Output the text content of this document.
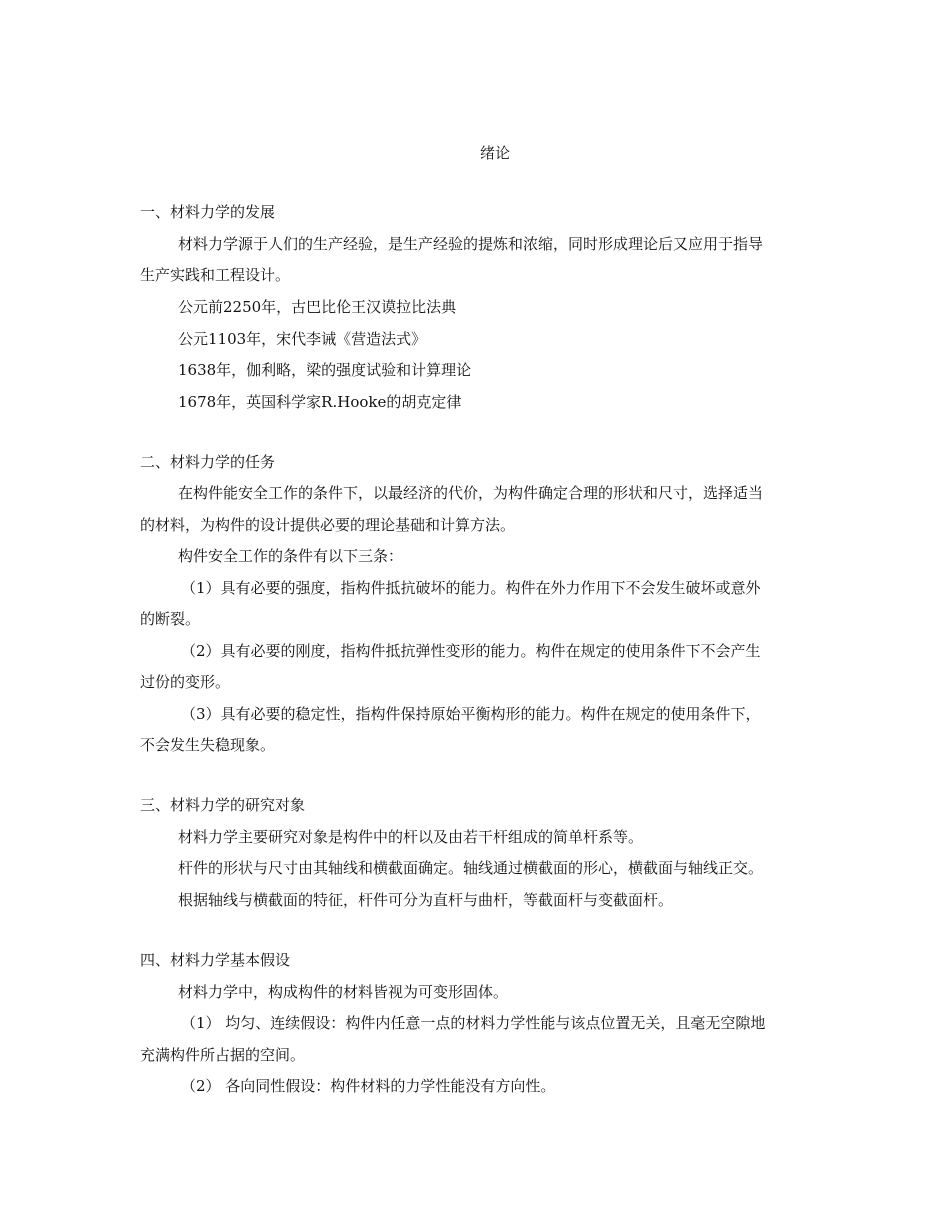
绪论
一、材料力学的发展
材料力学源于人们的生产经验，是生产经验的提炼和浓缩，同时形成理论后又应用于指导
生产实践和工程设计。
公元前2250年，古巴比伦王汉谟拉比法典
公元1103年，宋代李诫《营造法式》
1638年，伽利略，梁的强度试验和计算理论
1678年，英国科学家R.Hooke的胡克定律
二、材料力学的任务
在构件能安全工作的条件下，以最经济的代价，为构件确定合理的形状和尺寸，选择适当
的材料，为构件的设计提供必要的理论基础和计算方法。
构件安全工作的条件有以下三条：
（1）具有必要的强度，指构件抵抗破坏的能力。构件在外力作用下不会发生破坏或意外
的断裂。
（2）具有必要的刚度，指构件抵抗弹性变形的能力。构件在规定的使用条件下不会产生
过份的变形。
（3）具有必要的稳定性，指构件保持原始平衡构形的能力。构件在规定的使用条件下，
不会发生失稳现象。
三、材料力学的研究对象
材料力学主要研究对象是构件中的杆以及由若干杆组成的简单杆系等。
杆件的形状与尺寸由其轴线和横截面确定。轴线通过横截面的形心，横截面与轴线正交。
根据轴线与横截面的特征，杆件可分为直杆与曲杆，等截面杆与变截面杆。
四、材料力学基本假设
材料力学中，构成构件的材料皆视为可变形固体。
（1） 均匀、连续假设：构件内任意一点的材料力学性能与该点位置无关，且毫无空隙地
充满构件所占据的空间。
（2） 各向同性假设：构件材料的力学性能没有方向性。
